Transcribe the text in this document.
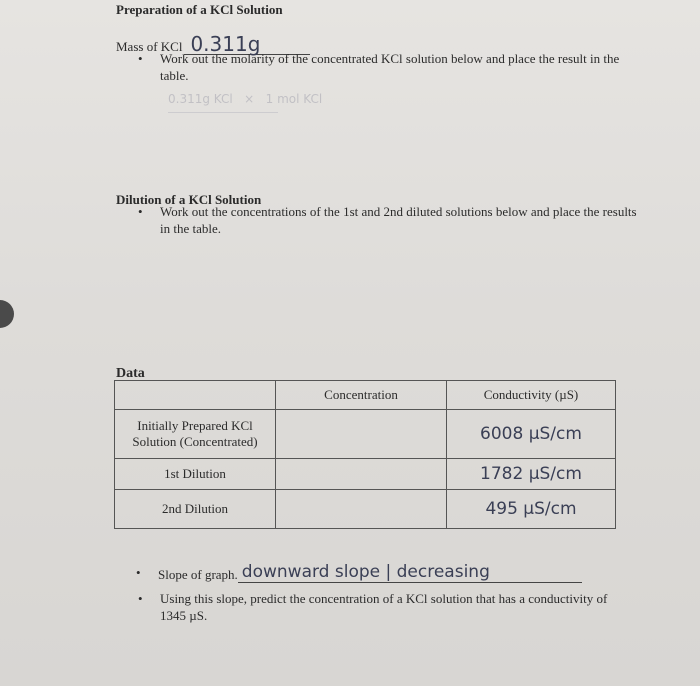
Preparation of a KCl Solution
Mass of KCl 0.311g
• Work out the molarity of the concentrated KCl solution below and place the result in the
table.
0.311g KCl   ×   1 mol KCl
Dilution of a KCl Solution
• Work out the concentrations of the 1st and 2nd diluted solutions below and place the results
in the table.
Data
	Concentration	Conductivity (µS)
Initially Prepared KCl
Solution (Concentrated)		6008 µS/cm
1st Dilution		1782 µS/cm
2nd Dilution		495 µS/cm
• Slope of graph. downward slope | decreasing
• Using this slope, predict the concentration of a KCl solution that has a conductivity of
1345 µS.
